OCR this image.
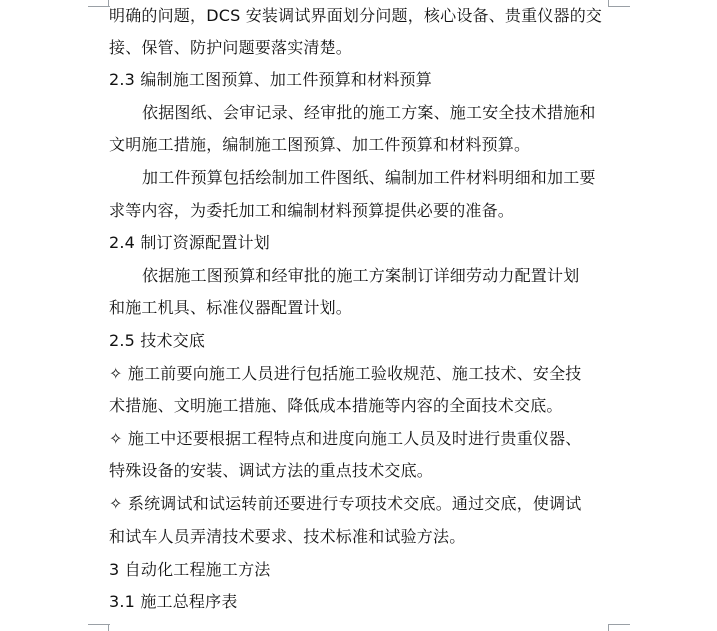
明确的问题，DCS 安装调试界面划分问题，核心设备、贵重仪器的交
接、保管、防护问题要落实清楚。
2.3 编制施工图预算、加工件预算和材料预算
依据图纸、会审记录、经审批的施工方案、施工安全技术措施和
文明施工措施，编制施工图预算、加工件预算和材料预算。
加工件预算包括绘制加工件图纸、编制加工件材料明细和加工要
求等内容，为委托加工和编制材料预算提供必要的准备。
2.4 制订资源配置计划
依据施工图预算和经审批的施工方案制订详细劳动力配置计划
和施工机具、标准仪器配置计划。
2.5 技术交底
✧ 施工前要向施工人员进行包括施工验收规范、施工技术、安全技
术措施、文明施工措施、降低成本措施等内容的全面技术交底。
✧ 施工中还要根据工程特点和进度向施工人员及时进行贵重仪器、
特殊设备的安装、调试方法的重点技术交底。
✧ 系统调试和试运转前还要进行专项技术交底。通过交底，使调试
和试车人员弄清技术要求、技术标准和试验方法。
3 自动化工程施工方法
3.1 施工总程序表
